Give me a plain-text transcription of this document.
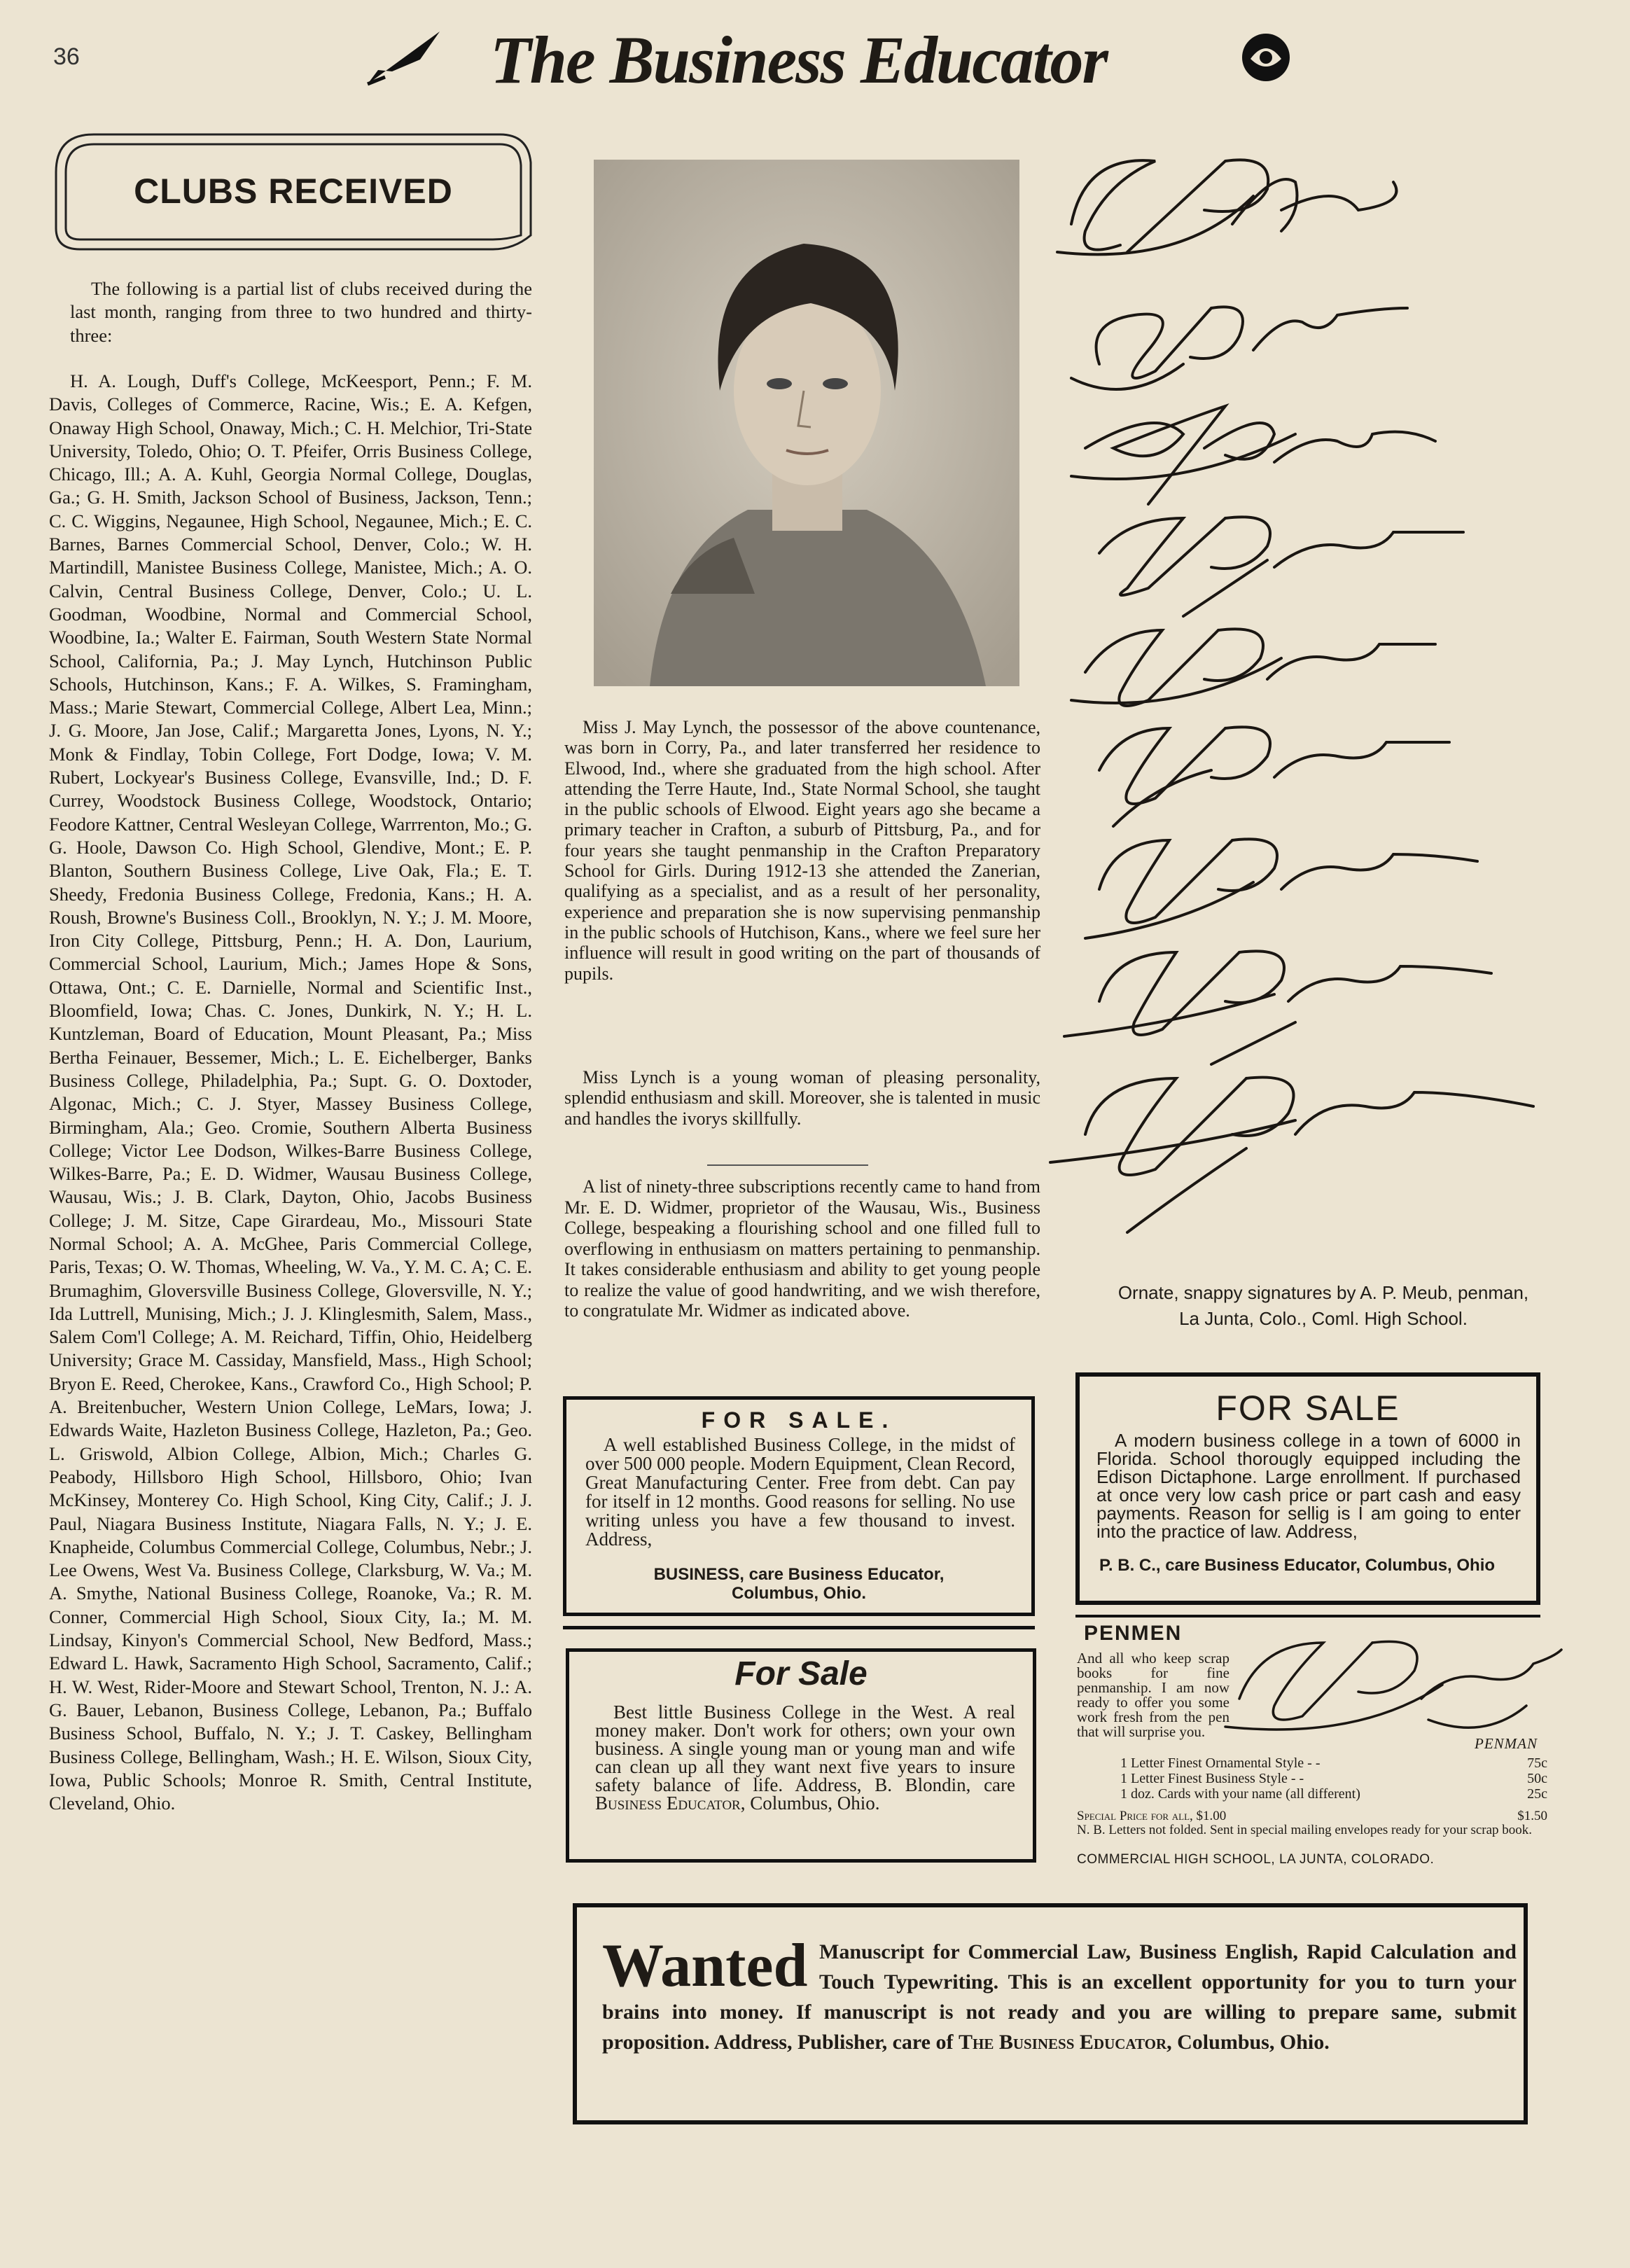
36	The Business Educator
CLUBS RECEIVED
The following is a partial list of clubs received during the last month, ranging from three to two hundred and thirty-three:
H. A. Lough, Duff's College, McKeesport, Penn.; F. M. Davis, Colleges of Commerce, Racine, Wis.; E. A. Kefgen, Onaway High School, Onaway, Mich.; C. H. Melchior, Tri-State University, Toledo, Ohio; O. T. Pfeifer, Orris Business College, Chicago, Ill.; A. A. Kuhl, Georgia Normal College, Douglas, Ga.; G. H. Smith, Jackson School of Business, Jackson, Tenn.; C. C. Wiggins, Negaunee, High School, Negaunee, Mich.; E. C. Barnes, Barnes Commercial School, Denver, Colo.; W. H. Martindill, Manistee Business College, Manistee, Mich.; A. O. Calvin, Central Business College, Denver, Colo.; U. L. Goodman, Woodbine, Normal and Commercial School, Woodbine, Ia.; Walter E. Fairman, South Western State Normal School, California, Pa.; J. May Lynch, Hutchinson Public Schools, Hutchinson, Kans.; F. A. Wilkes, S. Framingham, Mass.; Marie Stewart, Commercial College, Albert Lea, Minn.; J. G. Moore, Jan Jose, Calif.; Margaretta Jones, Lyons, N. Y.; Monk & Findlay, Tobin College, Fort Dodge, Iowa; V. M. Rubert, Lockyear's Business College, Evansville, Ind.; D. F. Currey, Woodstock Business College, Woodstock, Ontario; Feodore Kattner, Central Wesleyan College, Warrrenton, Mo.; G. G. Hoole, Dawson Co. High School, Glendive, Mont.; E. P. Blanton, Southern Business College, Live Oak, Fla.; E. T. Sheedy, Fredonia Business College, Fredonia, Kans.; H. A. Roush, Browne's Business Coll., Brooklyn, N. Y.; J. M. Moore, Iron City College, Pittsburg, Penn.; H. A. Don, Laurium, Commercial School, Laurium, Mich.; James Hope & Sons, Ottawa, Ont.; C. E. Darnielle, Normal and Scientific Inst., Bloomfield, Iowa; Chas. C. Jones, Dunkirk, N. Y.; H. L. Kuntzleman, Board of Education, Mount Pleasant, Pa.; Miss Bertha Feinauer, Bessemer, Mich.; L. E. Eichelberger, Banks Business College, Philadelphia, Pa.; Supt. G. O. Doxtoder, Algonac, Mich.; C. J. Styer, Massey Business College, Birmingham, Ala.; Geo. Cromie, Southern Alberta Business College; Victor Lee Dodson, Wilkes-Barre Business College, Wilkes-Barre, Pa.; E. D. Widmer, Wausau Business College, Wausau, Wis.; J. B. Clark, Dayton, Ohio, Jacobs Business College; J. M. Sitze, Cape Girardeau, Mo., Missouri State Normal School; A. A. McGhee, Paris Commercial College, Paris, Texas; O. W. Thomas, Wheeling, W. Va., Y. M. C. A; C. E. Brumaghim, Gloversville Business College, Gloversville, N. Y.; Ida Luttrell, Munising, Mich.; J. J. Klinglesmith, Salem, Mass., Salem Com'l College; A. M. Reichard, Tiffin, Ohio, Heidelberg University; Grace M. Cassiday, Mansfield, Mass., High School; Bryon E. Reed, Cherokee, Kans., Crawford Co., High School; P. A. Breitenbucher, Western Union College, LeMars, Iowa; J. Edwards Waite, Hazleton Business College, Hazleton, Pa.; Geo. L. Griswold, Albion College, Albion, Mich.; Charles G. Peabody, Hillsboro High School, Hillsboro, Ohio; Ivan McKinsey, Monterey Co. High School, King City, Calif.; J. J. Paul, Niagara Business Institute, Niagara Falls, N. Y.; J. E. Knapheide, Columbus Commercial College, Columbus, Nebr.; J. Lee Owens, West Va. Business College, Clarksburg, W. Va.; M. A. Smythe, National Business College, Roanoke, Va.; R. M. Conner, Commercial High School, Sioux City, Ia.; M. M. Lindsay, Kinyon's Commercial School, New Bedford, Mass.; Edward L. Hawk, Sacramento High School, Sacramento, Calif.; H. W. West, Rider-Moore and Stewart School, Trenton, N. J.: A. G. Bauer, Lebanon, Business College, Lebanon, Pa.; Buffalo Business School, Buffalo, N. Y.; J. T. Caskey, Bellingham Business College, Bellingham, Wash.; H. E. Wilson, Sioux City, Iowa, Public Schools; Monroe R. Smith, Central Institute, Cleveland, Ohio.
Miss J. May Lynch, the possessor of the above countenance, was born in Corry, Pa., and later transferred her residence to Elwood, Ind., where she graduated from the high school. After attending the Terre Haute, Ind., State Normal School, she taught in the public schools of Elwood. Eight years ago she became a primary teacher in Crafton, a suburb of Pittsburg, Pa., and for four years she taught penmanship in the Crafton Preparatory School for Girls. During 1912-13 she attended the Zanerian, qualifying as a specialist, and as a result of her personality, experience and preparation she is now supervising penmanship in the public schools of Hutchison, Kans., where we feel sure her influence will result in good writing on the part of thousands of pupils.
Miss Lynch is a young woman of pleasing personality, splendid enthusiasm and skill. Moreover, she is talented in music and handles the ivorys skillfully.
A list of ninety-three subscriptions recently came to hand from Mr. E. D. Widmer, proprietor of the Wausau, Wis., Business College, bespeaking a flourishing school and one filled full to overflowing in enthusiasm on matters pertaining to penmanship. It takes considerable enthusiasm and ability to get young people to realize the value of good handwriting, and we wish therefore, to congratulate Mr. Widmer as indicated above.
Ornate, snappy signatures by A. P. Meub, penman,
La Junta, Colo., Coml. High School.
FOR SALE.
A well established Business College, in the midst of over 500 000 people. Modern Equipment, Clean Record, Great Manufacturing Center. Free from debt. Can pay for itself in 12 months. Good reasons for selling. No use writing unless you have a few thousand to invest. Address,
BUSINESS, care Business Educator,
Columbus, Ohio.
For Sale
Best little Business College in the West. A real money maker. Don't work for others; own your own business. A single young man or young man and wife can clean up all they want next five years to insure safety balance of life. Address, B. Blondin, care Business Educator, Columbus, Ohio.
FOR SALE
A modern business college in a town of 6000 in Florida. School thorougly equipped including the Edison Dictaphone. Large enrollment. If purchased at once very low cash price or part cash and easy payments. Reason for sellig is I am going to enter into the practice of law. Address,
P. B. C., care Business Educator, Columbus, Ohio
PENMEN
And all who keep scrap books for fine penmanship. I am now ready to offer you some work fresh from the pen that will surprise you.
PENMAN
1 Letter Finest Ornamental Style - -	75c
1 Letter Finest Business Style - -	50c
1 doz. Cards with your name (all different)	25c
Special Price for all, $1.00	$1.50
N. B. Letters not folded. Sent in special mailing envelopes ready for your scrap book.
COMMERCIAL HIGH SCHOOL, LA JUNTA, COLORADO.
Wanted Manuscript for Commercial Law, Business English, Rapid Calculation and Touch Typewriting. This is an excellent opportunity for you to turn your brains into money. If manuscript is not ready and you are willing to prepare same, submit proposition. Address, Publisher, care of The Business Educator, Columbus, Ohio.
